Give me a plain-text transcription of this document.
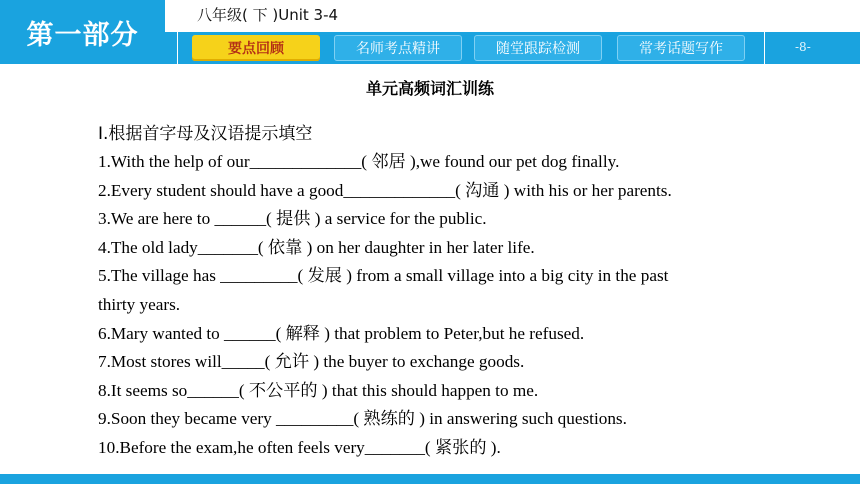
第一部分
八年级( 下 )Unit 3-4
要点回顾	名师考点精讲	随堂跟踪检测	常考话题写作	-8-
单元高频词汇训练
Ⅰ.根据首字母及汉语提示填空
1.With the help of our_____________( 邻居 ),we found our pet dog finally.
2.Every student should have a good_____________( 沟通 ) with his or her parents.
3.We are here to ______( 提供 ) a service for the public.
4.The old lady_______( 依靠 ) on her daughter in her later life.
5.The village has _________( 发展 ) from a small village into a big city in the past
thirty years.
6.Mary wanted to ______( 解释 ) that problem to Peter,but he refused.
7.Most stores will_____( 允许 ) the buyer to exchange goods.
8.It seems so______( 不公平的 ) that this should happen to me.
9.Soon they became very _________( 熟练的 ) in answering such questions.
10.Before the exam,he often feels very_______( 紧张的 ).
